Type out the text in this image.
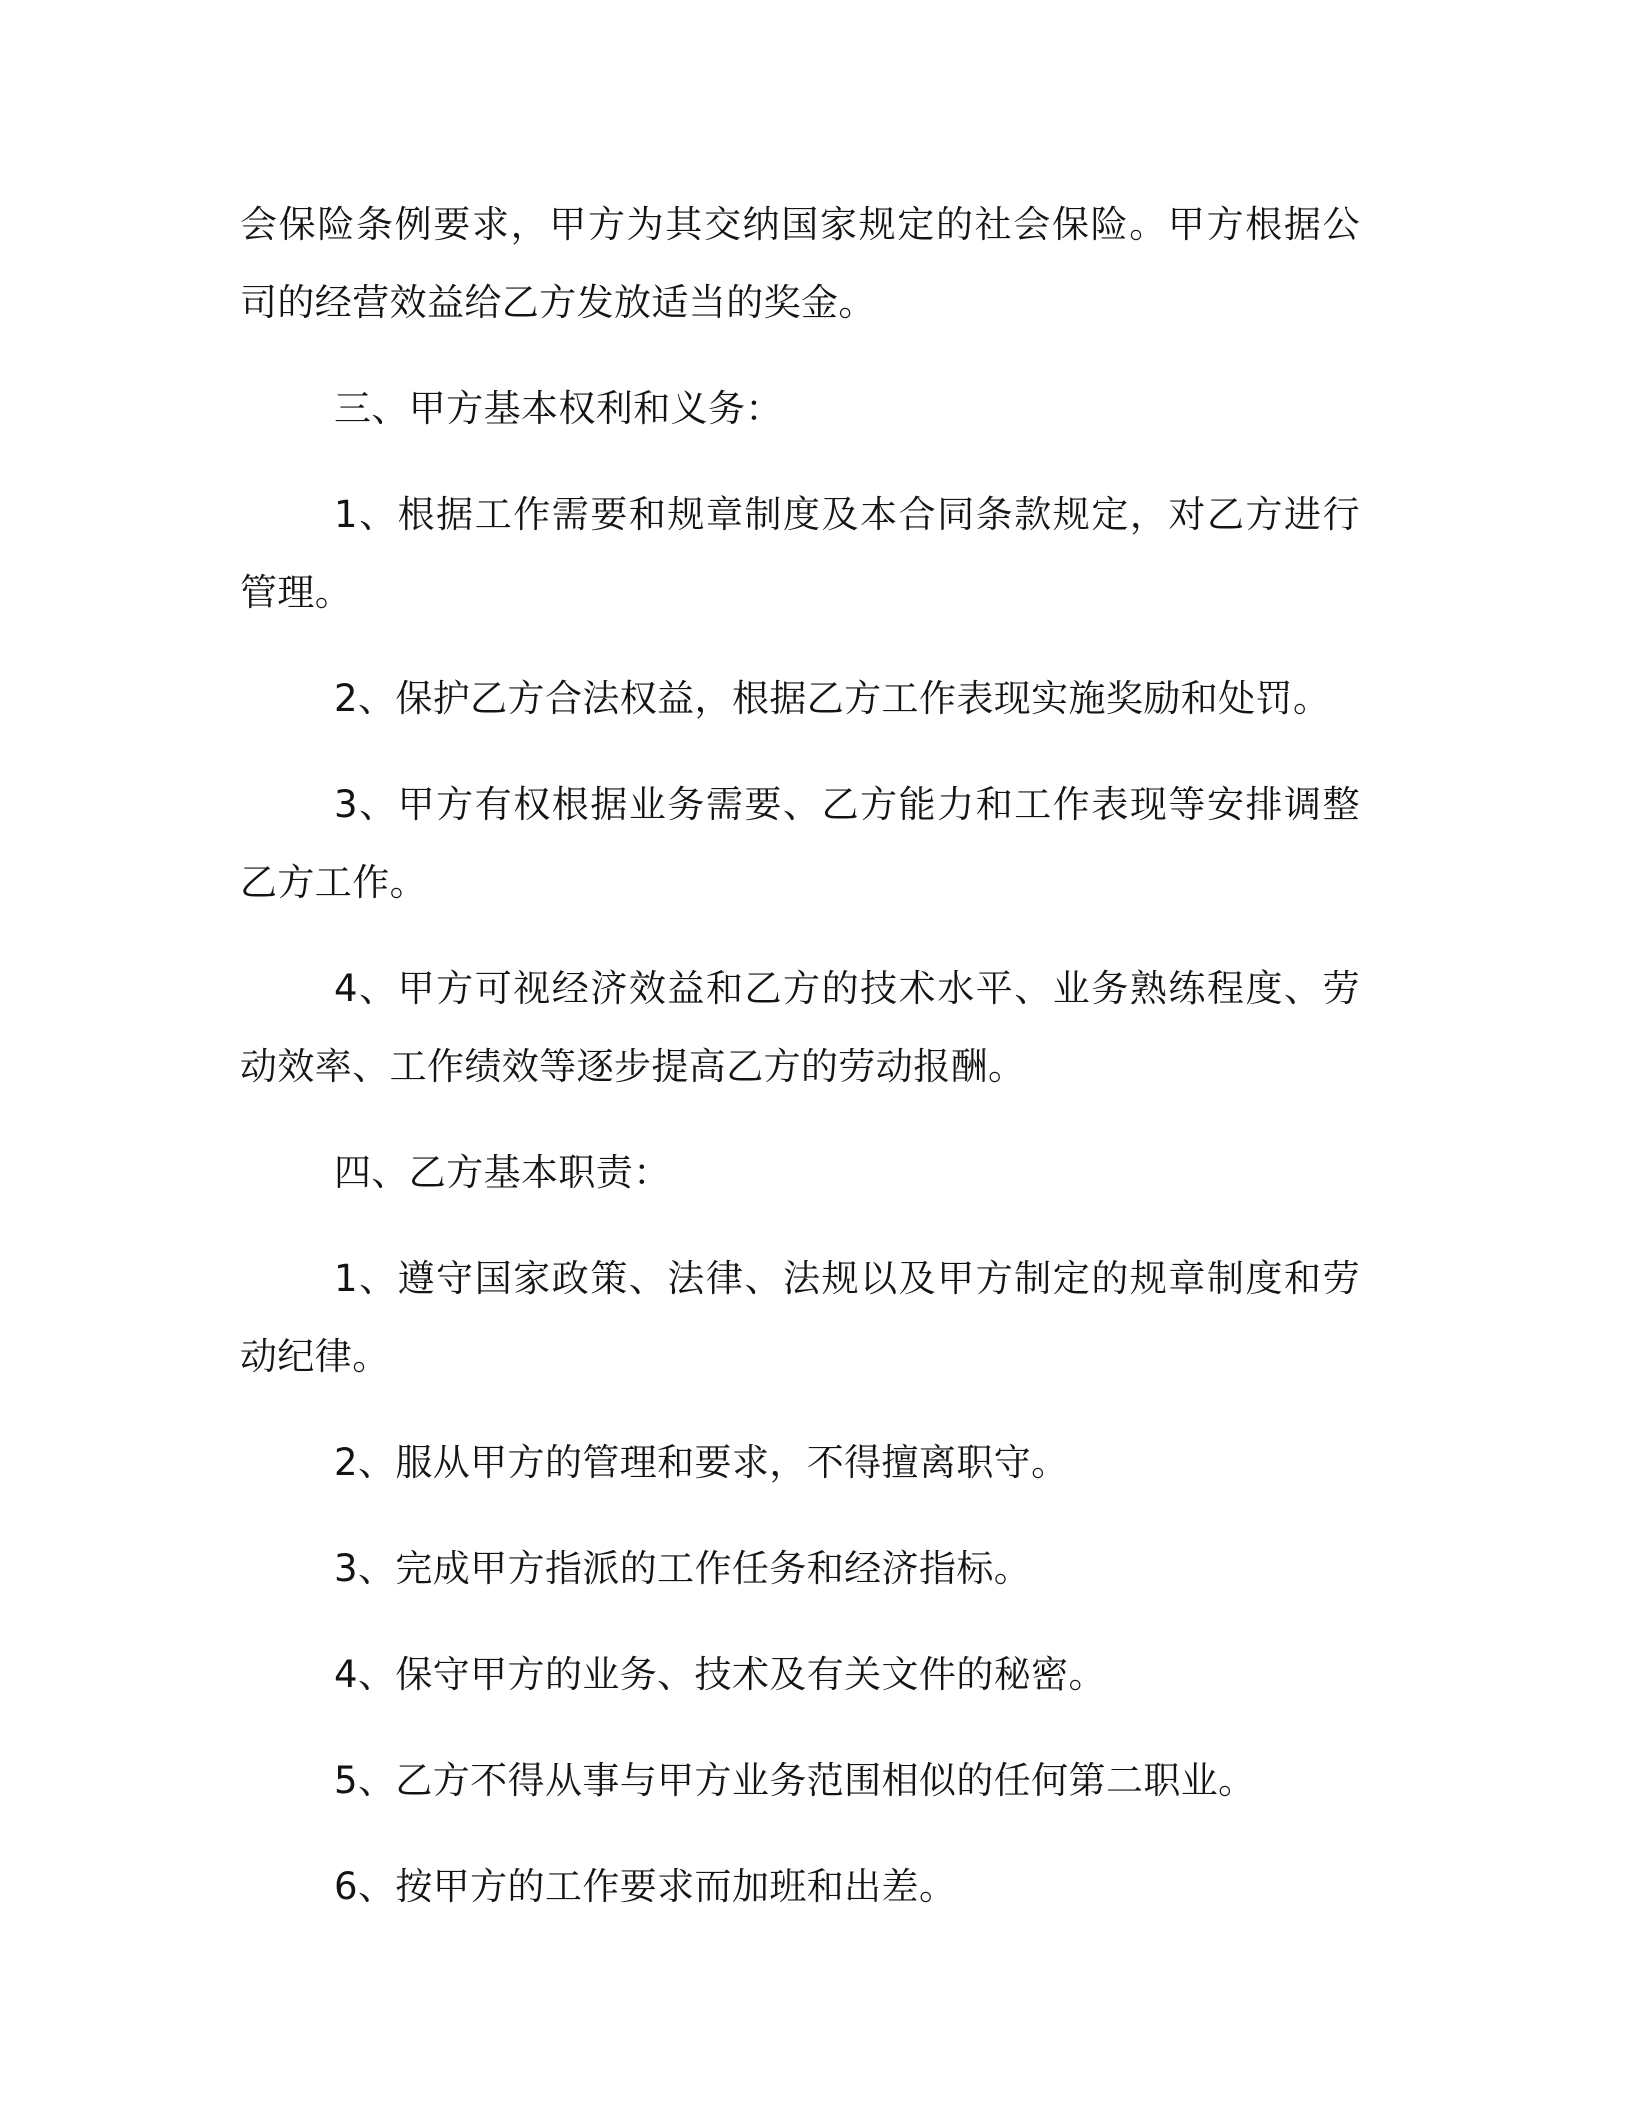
会保险条例要求，甲方为其交纳国家规定的社会保险。甲方根据公司的经营效益给乙方发放适当的奖金。

三、甲方基本权利和义务：

1、根据工作需要和规章制度及本合同条款规定，对乙方进行管理。

2、保护乙方合法权益，根据乙方工作表现实施奖励和处罚。

3、甲方有权根据业务需要、乙方能力和工作表现等安排调整乙方工作。

4、甲方可视经济效益和乙方的技术水平、业务熟练程度、劳动效率、工作绩效等逐步提高乙方的劳动报酬。

四、乙方基本职责：

1、遵守国家政策、法律、法规以及甲方制定的规章制度和劳动纪律。

2、服从甲方的管理和要求，不得擅离职守。

3、完成甲方指派的工作任务和经济指标。

4、保守甲方的业务、技术及有关文件的秘密。

5、乙方不得从事与甲方业务范围相似的任何第二职业。

6、按甲方的工作要求而加班和出差。
